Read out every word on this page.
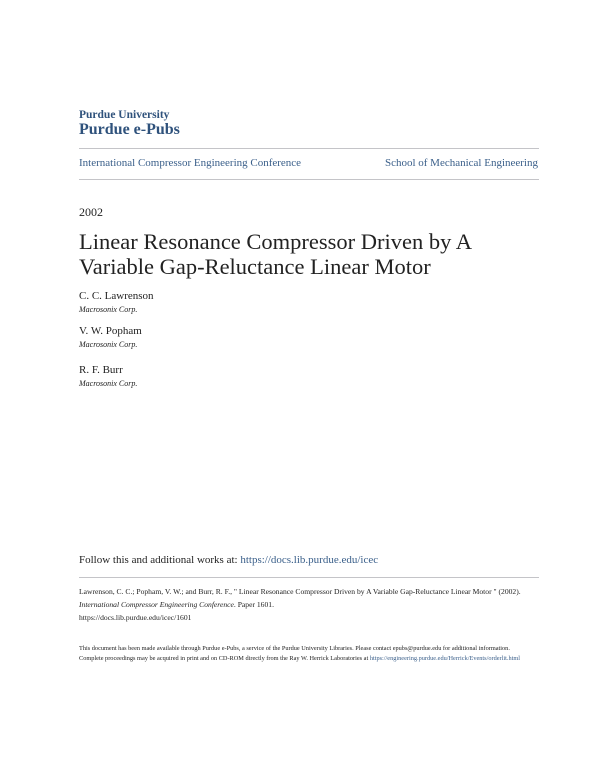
Purdue University
Purdue e-Pubs
International Compressor Engineering Conference	School of Mechanical Engineering
2002
Linear Resonance Compressor Driven by A Variable Gap-Reluctance Linear Motor
C. C. Lawrenson
Macrosonix Corp.
V. W. Popham
Macrosonix Corp.
R. F. Burr
Macrosonix Corp.
Follow this and additional works at: https://docs.lib.purdue.edu/icec
Lawrenson, C. C.; Popham, V. W.; and Burr, R. F., " Linear Resonance Compressor Driven by A Variable Gap-Reluctance Linear Motor " (2002). International Compressor Engineering Conference. Paper 1601.
https://docs.lib.purdue.edu/icec/1601
This document has been made available through Purdue e-Pubs, a service of the Purdue University Libraries. Please contact epubs@purdue.edu for additional information.
Complete proceedings may be acquired in print and on CD-ROM directly from the Ray W. Herrick Laboratories at https://engineering.purdue.edu/Herrick/Events/orderlit.html
